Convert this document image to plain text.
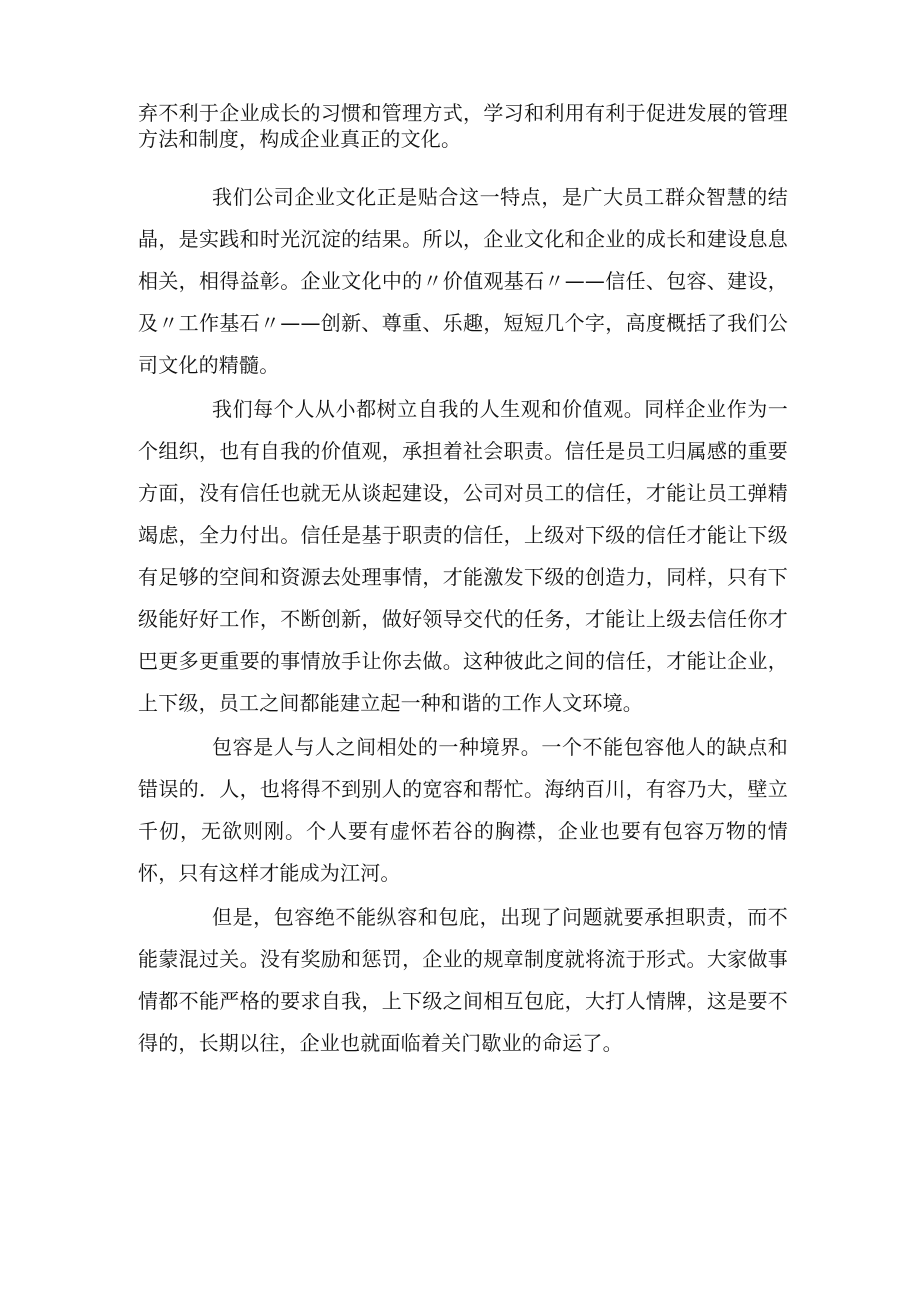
弃不利于企业成长的习惯和管理方式，学习和利用有利于促进发展的管理方法和制度，构成企业真正的文化。

我们公司企业文化正是贴合这一特点，是广大员工群众智慧的结晶，是实践和时光沉淀的结果。所以，企业文化和企业的成长和建设息息相关，相得益彰。企业文化中的〃价值观基石〃——信任、包容、建设，及〃工作基石〃——创新、尊重、乐趣，短短几个字，高度概括了我们公司文化的精髓。

我们每个人从小都树立自我的人生观和价值观。同样企业作为一个组织，也有自我的价值观，承担着社会职责。信任是员工归属感的重要方面，没有信任也就无从谈起建设，公司对员工的信任，才能让员工弹精竭虑，全力付出。信任是基于职责的信任，上级对下级的信任才能让下级有足够的空间和资源去处理事情，才能激发下级的创造力，同样，只有下级能好好工作，不断创新，做好领导交代的任务，才能让上级去信任你才巴更多更重要的事情放手让你去做。这种彼此之间的信任，才能让企业，上下级，员工之间都能建立起一种和谐的工作人文环境。

包容是人与人之间相处的一种境界。一个不能包容他人的缺点和错误的．人，也将得不到别人的宽容和帮忙。海纳百川，有容乃大，壁立千仞，无欲则刚。个人要有虚怀若谷的胸襟，企业也要有包容万物的情怀，只有这样才能成为江河。

但是，包容绝不能纵容和包庇，出现了问题就要承担职责，而不能蒙混过关。没有奖励和惩罚，企业的规章制度就将流于形式。大家做事情都不能严格的要求自我，上下级之间相互包庇，大打人情牌，这是要不得的，长期以往，企业也就面临着关门歇业的命运了。
